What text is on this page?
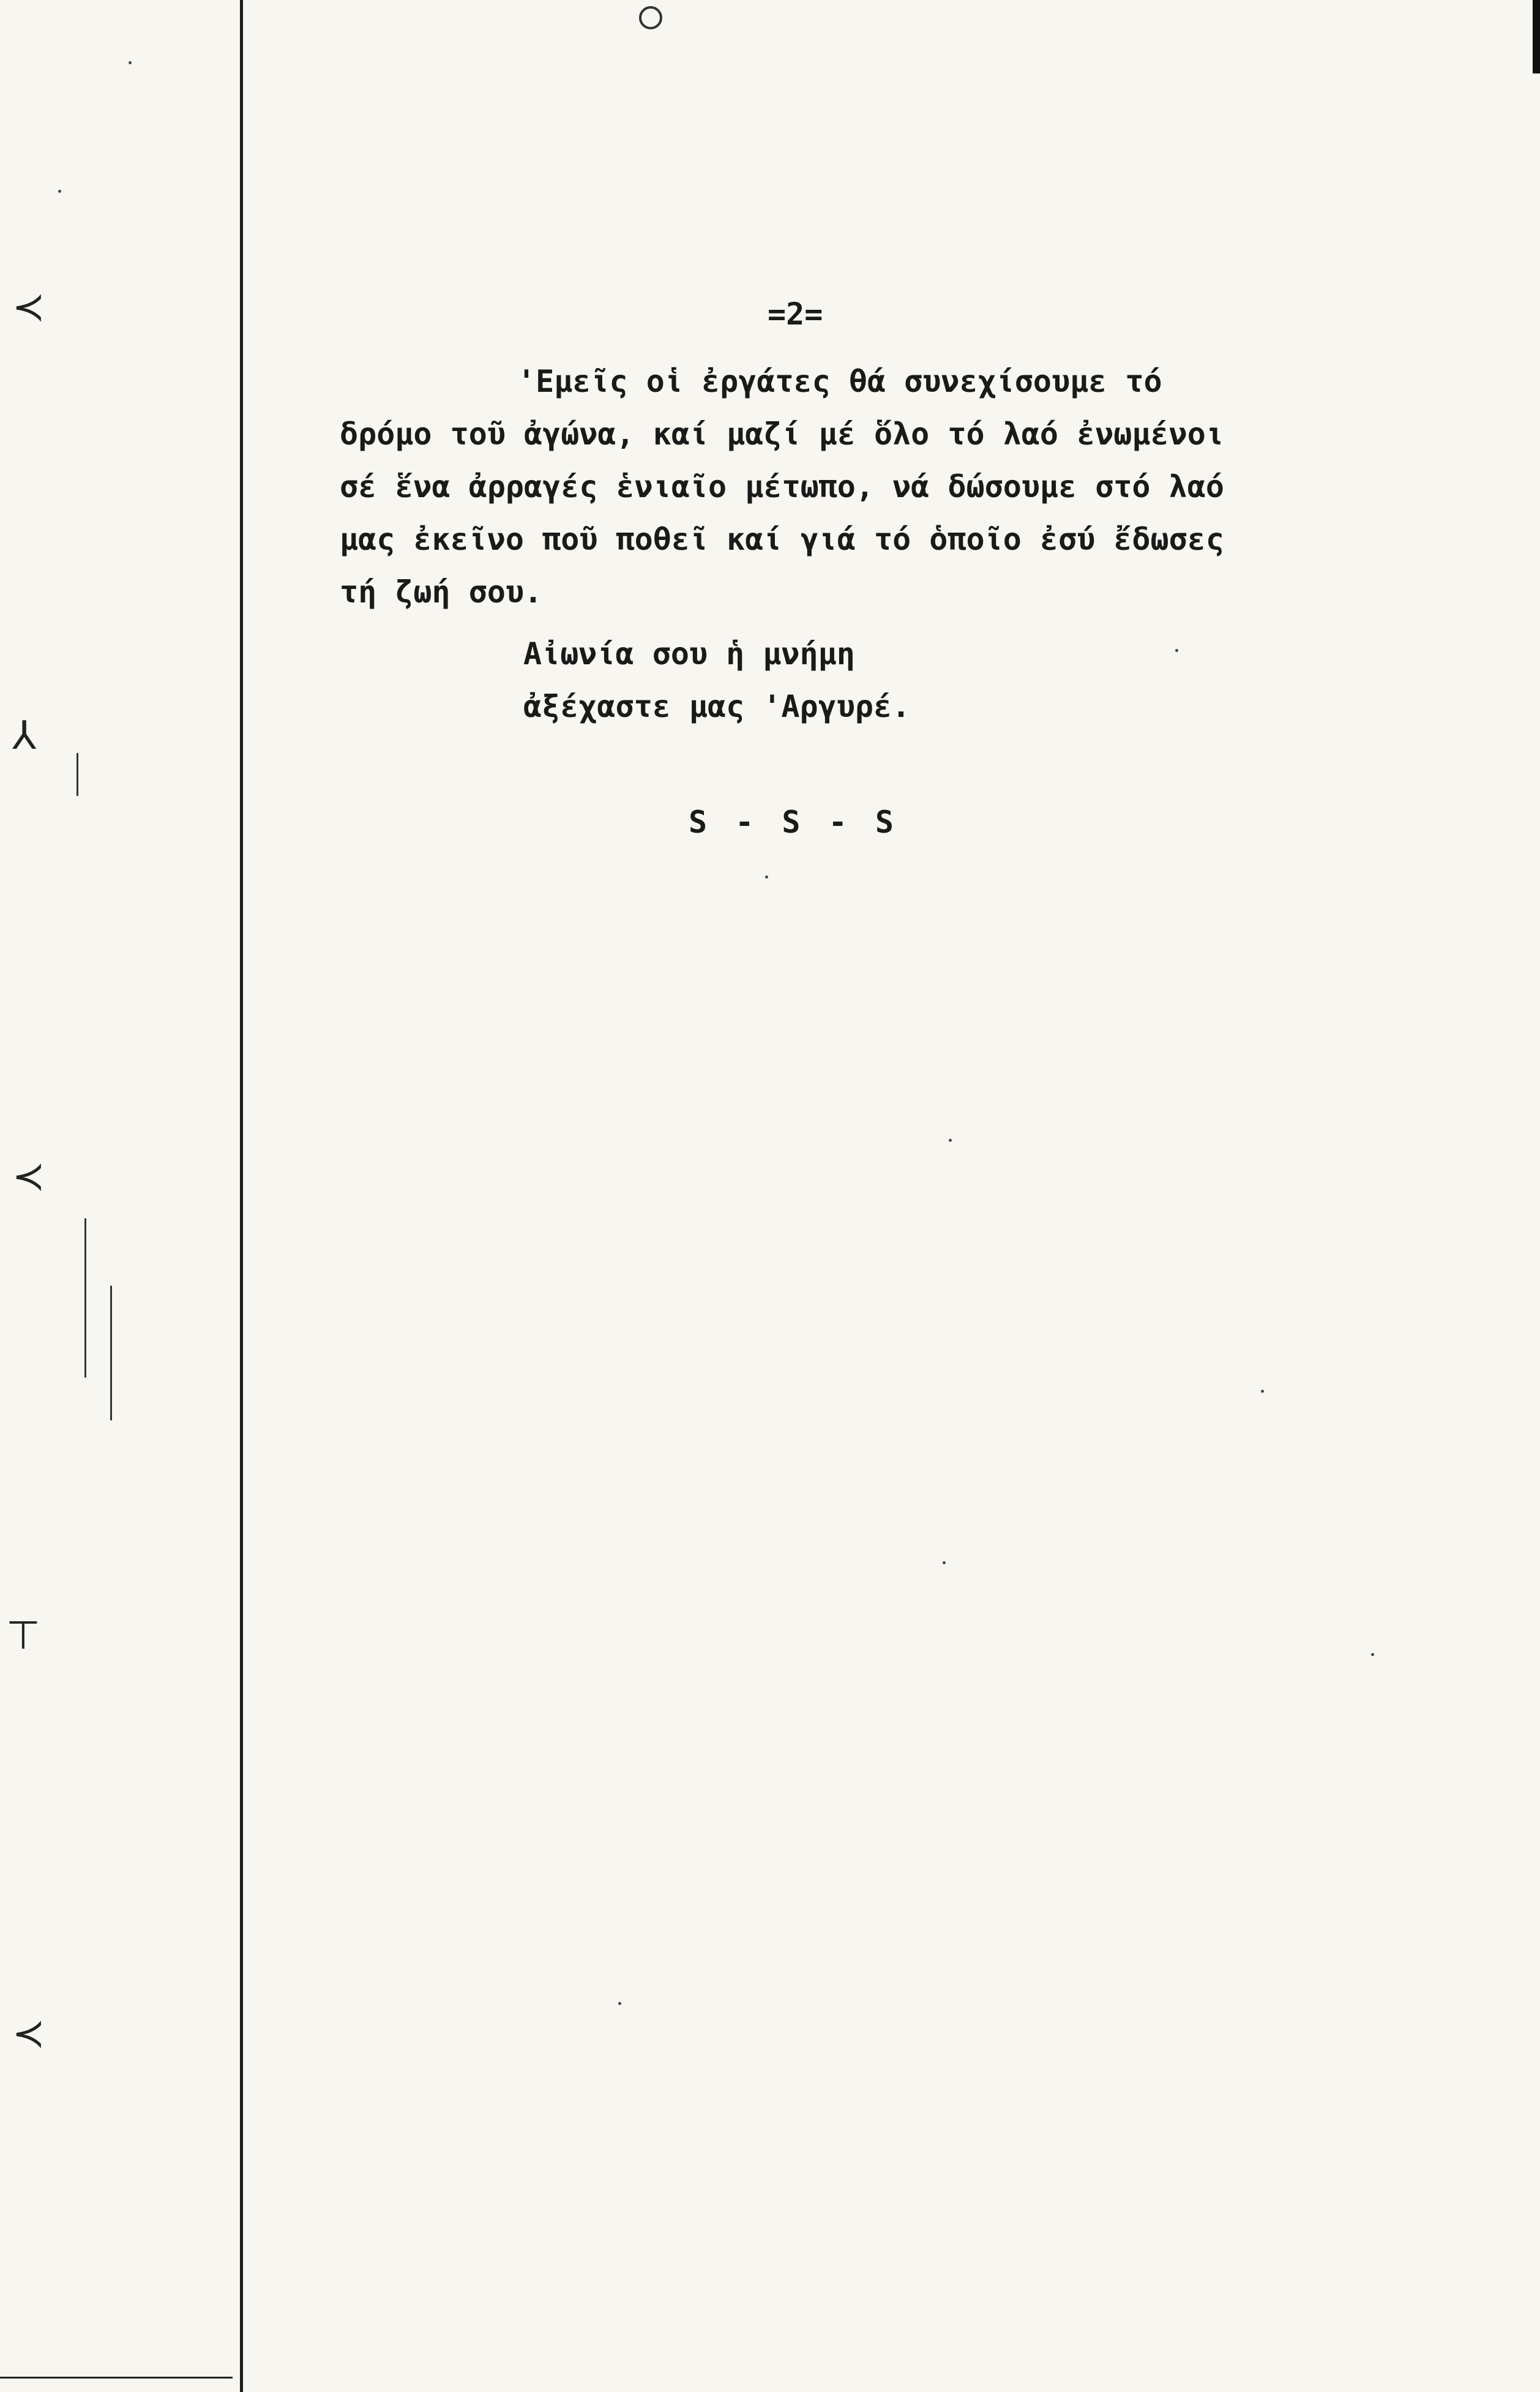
≺
⅄
≺
⊤
≺
=2=
'Εμεῖς οἱ ἐργάτες θά συνεχίσουμε τό
δρόμο τοῦ ἀγώνα, καί μαζί μέ ὅλο τό λαό ἐνωμένοι
σέ ἕνα ἀρραγές ἑνιαῖο μέτωπο, νά δώσουμε στό λαό
μας ἐκεῖνο ποῦ ποθεῖ καί γιά τό ὁποῖο ἐσύ ἔδωσες
τή ζωή σου.
Αἰωνία σου ἡ μνήμη
ἀξέχαστε μας 'Αργυρέ.
S - S - S
